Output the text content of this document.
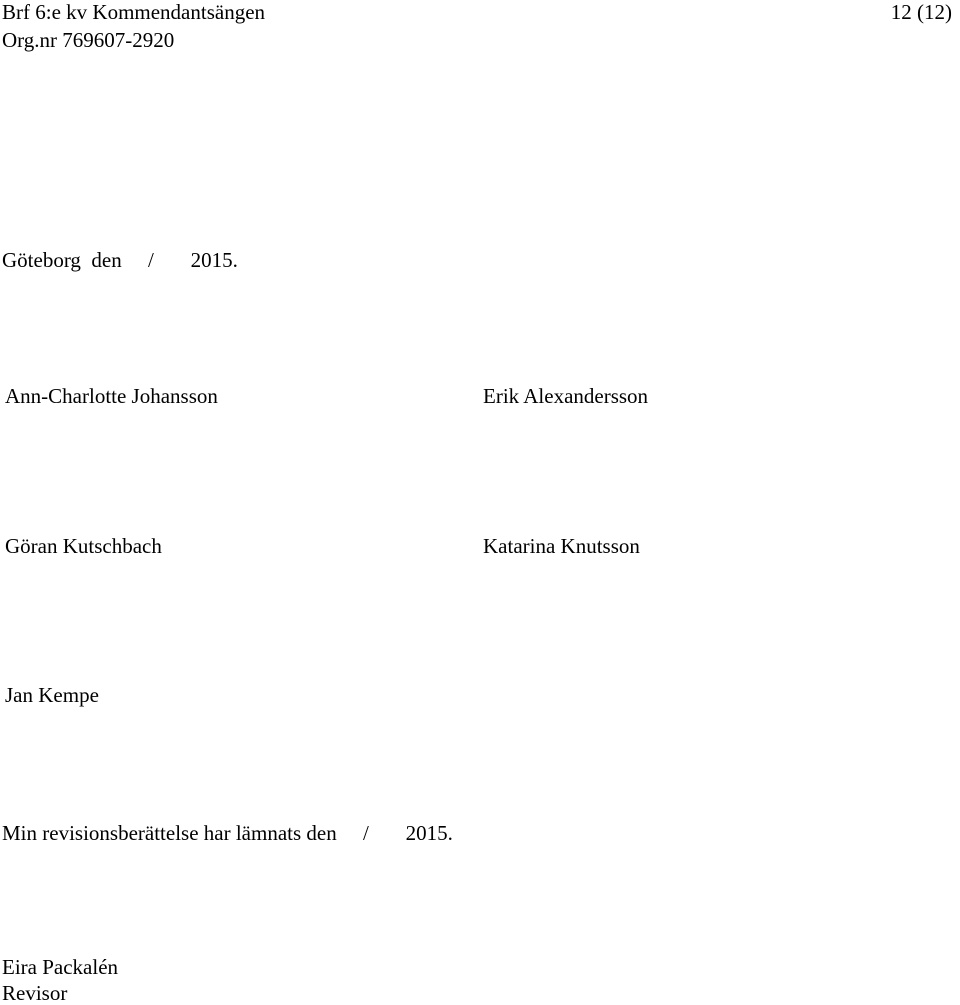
Brf 6:e kv Kommendantsängen	12 (12)
Org.nr 769607-2920
Göteborg  den     /       2015.
Ann-Charlotte Johansson	Erik Alexandersson
Göran Kutschbach	Katarina Knutsson
Jan Kempe
Min revisionsberättelse har lämnats den     /       2015.
Eira Packalén
Revisor
